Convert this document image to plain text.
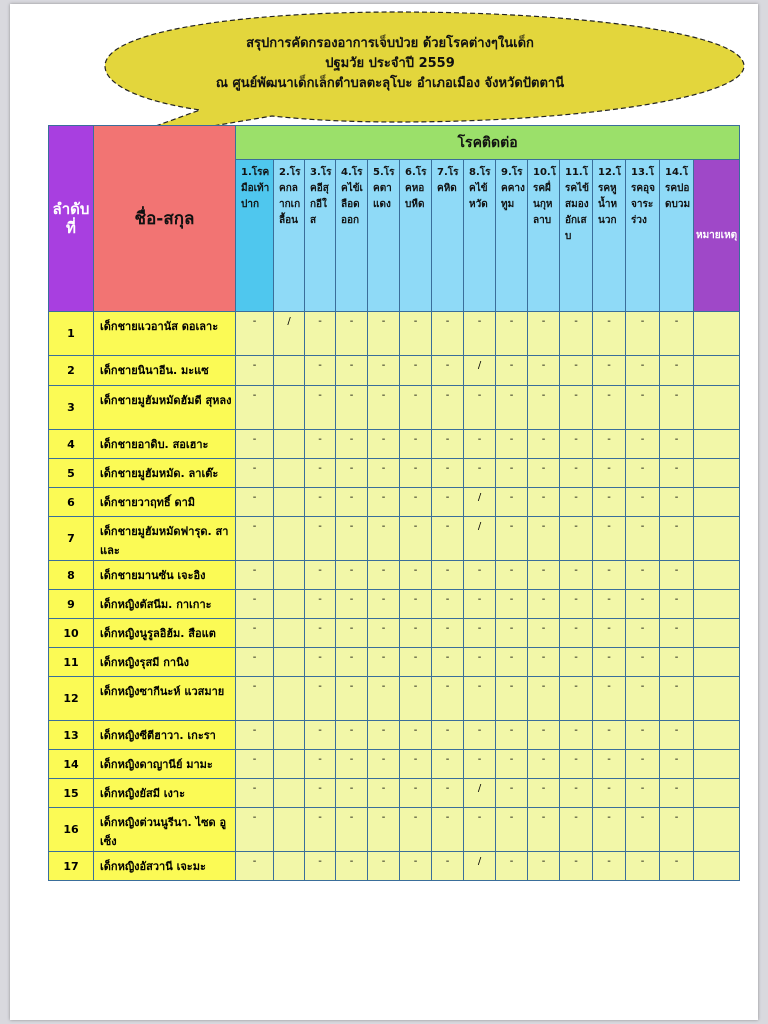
สรุปการคัดกรองอาการเจ็บป่วย ด้วยโรคต่างๆในเด็ก
ปฐมวัย ประจำปี 2559
ณ ศูนย์พัฒนาเด็กเล็กตำบลตะลุโบะ อำเภอเมือง จังหวัดปัตตานี
ลำดับที่	ชื่อ-สกุล	โรคติดต่อ														
		1.โรคมือเท้าปาก	2.โรคกลากเกลื้อน	3.โรคอีสุกอีใส	4.โรคไข้เลือดออก	5.โรคตาแดง	6.โรคหอบหืด	7.โรคหิด	8.โรคไข้หวัด	9.โรคคางทูม	10.โรคผื่นกุหลาบ	11.โรคไข้สมองอักเสบ	12.โรคหูน้ำหนวก	13.โรคอุจจาระร่วง	14.โรคปอดบวม	หมายเหตุ
1	เด็กชายแวอานัส ดอเลาะ	-	/	-	-	-	-	-	-	-	-	-	-	-	-	
2	เด็กชายนินาอีน. มะแซ	-		-	-	-	-	-	/	-	-	-	-	-	-	
3	เด็กชายมูฮัมหมัดฮัมดี สุหลง	-		-	-	-	-	-	-	-	-	-	-	-	-	
4	เด็กชายอาดิบ. สอเฮาะ	-		-	-	-	-	-	-	-	-	-	-	-	-	
5	เด็กชายมูฮัมหมัด. ลาเต๊ะ	-		-	-	-	-	-	-	-	-	-	-	-	-	
6	เด็กชายวาฤทธิ์ ดามิ	-		-	-	-	-	-	/	-	-	-	-	-	-	
7	เด็กชายมูฮัมหมัดฟารุด. สาและ	-		-	-	-	-	-	/	-	-	-	-	-	-	
8	เด็กชายมานซัน เจะอิง	-		-	-	-	-	-	-	-	-	-	-	-	-	
9	เด็กหญิงตัสนีม. กาเกาะ	-		-	-	-	-	-	-	-	-	-	-	-	-	
10	เด็กหญิงนูรูลอิฮ้ม. สือแต	-		-	-	-	-	-	-	-	-	-	-	-	-	
11	เด็กหญิงรุสมี กานิง	-		-	-	-	-	-	-	-	-	-	-	-	-	
12	เด็กหญิงซากีนะห์ แวสมาย	-		-	-	-	-	-	-	-	-	-	-	-	-	
13	เด็กหญิงซีตีฮาวา. เกะรา	-		-	-	-	-	-	-	-	-	-	-	-	-	
14	เด็กหญิงดาญานีย์ มามะ	-		-	-	-	-	-	-	-	-	-	-	-	-	
15	เด็กหญิงยัสมี เงาะ	-		-	-	-	-	-	/	-	-	-	-	-	-	
16	เด็กหญิงต่วนนูรีนา. ไซด อูเซ็ง	-		-	-	-	-	-	-	-	-	-	-	-	-	
17	เด็กหญิงอัสวานี เจะมะ	-		-	-	-	-	-	/	-	-	-	-	-	-	
